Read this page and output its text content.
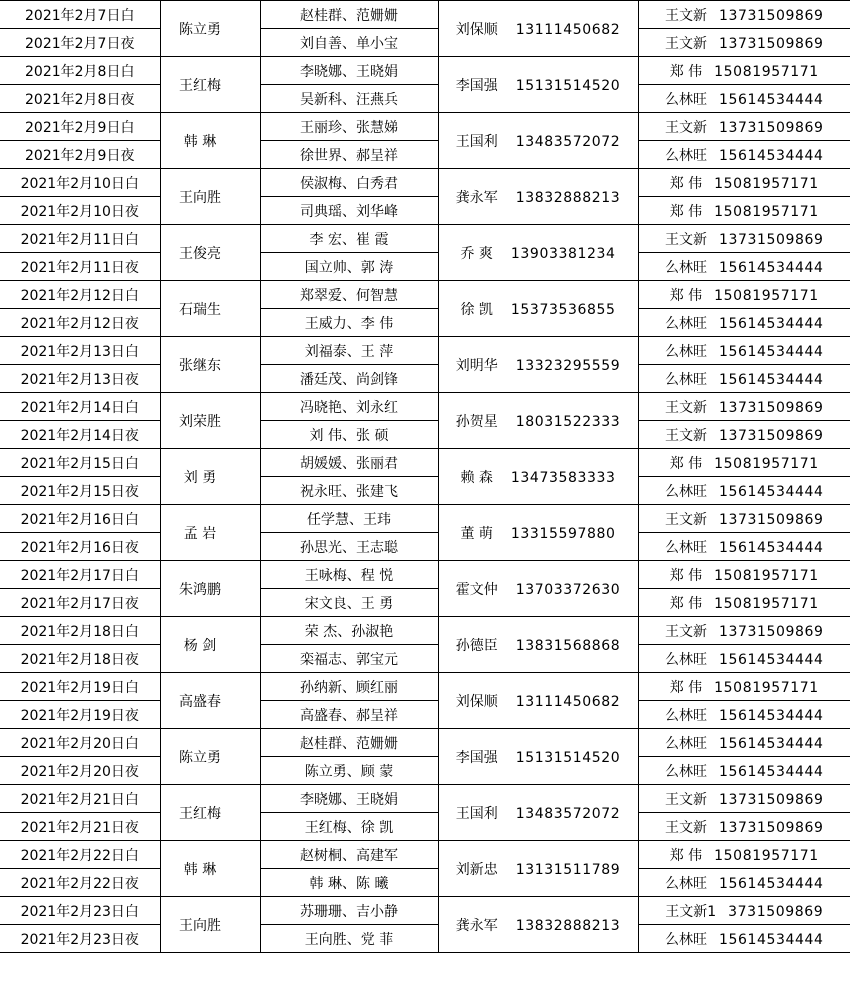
2021年2月7日白	陈立勇	赵桂群、范姗姗	刘保顺 13111450682	王文新 13731509869
2021年2月7日夜		刘自善、单小宝		王文新 13731509869
2021年2月8日白	王红梅	李晓娜、王晓娟	李国强 15131514520	郑 伟 15081957171
2021年2月8日夜		吴新科、汪燕兵		么林旺 15614534444
2021年2月9日白	韩 琳	王丽珍、张慧娣	王国利 13483572072	王文新 13731509869
2021年2月9日夜		徐世界、郝呈祥		么林旺 15614534444
2021年2月10日白	王向胜	侯淑梅、白秀君	龚永军 13832888213	郑 伟 15081957171
2021年2月10日夜		司典瑶、刘华峰		郑 伟 15081957171
2021年2月11日白	王俊亮	李 宏、崔 霞	乔 爽 13903381234	王文新 13731509869
2021年2月11日夜		国立帅、郭 涛		么林旺 15614534444
2021年2月12日白	石瑞生	郑翠爱、何智慧	徐 凯 15373536855	郑 伟 15081957171
2021年2月12日夜		王威力、李 伟		么林旺 15614534444
2021年2月13日白	张继东	刘福泰、王 萍	刘明华 13323295559	么林旺 15614534444
2021年2月13日夜		潘廷茂、尚剑锋		么林旺 15614534444
2021年2月14日白	刘荣胜	冯晓艳、刘永红	孙贺星 18031522333	王文新 13731509869
2021年2月14日夜		刘 伟、张 硕		王文新 13731509869
2021年2月15日白	刘 勇	胡媛媛、张丽君	赖 森 13473583333	郑 伟 15081957171
2021年2月15日夜		祝永旺、张建飞		么林旺 15614534444
2021年2月16日白	孟 岩	任学慧、王玮	董 萌 13315597880	王文新 13731509869
2021年2月16日夜		孙思光、王志聪		么林旺 15614534444
2021年2月17日白	朱鸿鹏	王咏梅、程 悦	霍文仲 13703372630	郑 伟 15081957171
2021年2月17日夜		宋文良、王 勇		郑 伟 15081957171
2021年2月18日白	杨 剑	荣 杰、孙淑艳	孙德臣 13831568868	王文新 13731509869
2021年2月18日夜		栾福志、郭宝元		么林旺 15614534444
2021年2月19日白	高盛春	孙纳新、顾红丽	刘保顺 13111450682	郑 伟 15081957171
2021年2月19日夜		高盛春、郝呈祥		么林旺 15614534444
2021年2月20日白	陈立勇	赵桂群、范姗姗	李国强 15131514520	么林旺 15614534444
2021年2月20日夜		陈立勇、顾 蒙		么林旺 15614534444
2021年2月21日白	王红梅	李晓娜、王晓娟	王国利 13483572072	王文新 13731509869
2021年2月21日夜		王红梅、徐 凯		王文新 13731509869
2021年2月22日白	韩 琳	赵树桐、高建军	刘新忠 13131511789	郑 伟 15081957171
2021年2月22日夜		韩 琳、陈 曦		么林旺 15614534444
2021年2月23日白	王向胜	苏珊珊、吉小静	龚永军 13832888213	王文新1 3731509869
2021年2月23日夜		王向胜、党 菲		么林旺 15614534444
